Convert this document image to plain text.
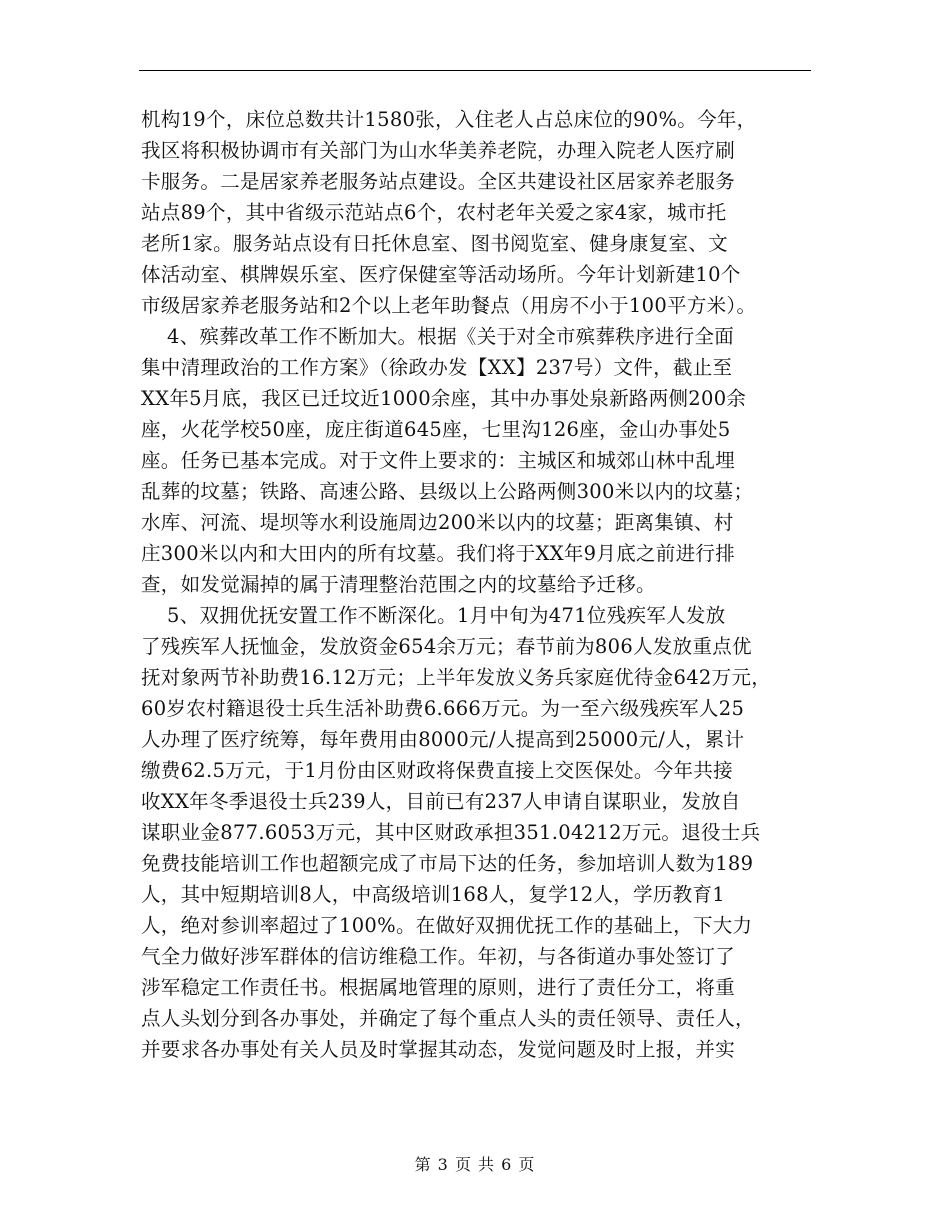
机构19个，床位总数共计1580张，入住老人占总床位的90%。今年，
我区将积极协调市有关部门为山水华美养老院，办理入院老人医疗刷
卡服务。二是居家养老服务站点建设。全区共建设社区居家养老服务
站点89个，其中省级示范站点6个，农村老年关爱之家4家，城市托
老所1家。服务站点设有日托休息室、图书阅览室、健身康复室、文
体活动室、棋牌娱乐室、医疗保健室等活动场所。今年计划新建10个
市级居家养老服务站和2个以上老年助餐点（用房不小于100平方米）。
4、殡葬改革工作不断加大。根据《关于对全市殡葬秩序进行全面
集中清理政治的工作方案》（徐政办发【XX】237号）文件，截止至
XX年5月底，我区已迁坟近1000余座，其中办事处泉新路两侧200余
座，火花学校50座，庞庄街道645座，七里沟126座，金山办事处5
座。任务已基本完成。对于文件上要求的：主城区和城郊山林中乱埋
乱葬的坟墓；铁路、高速公路、县级以上公路两侧300米以内的坟墓；
水库、河流、堤坝等水利设施周边200米以内的坟墓；距离集镇、村
庄300米以内和大田内的所有坟墓。我们将于XX年9月底之前进行排
查，如发觉漏掉的属于清理整治范围之内的坟墓给予迁移。
5、双拥优抚安置工作不断深化。1月中旬为471位残疾军人发放
了残疾军人抚恤金，发放资金654余万元；春节前为806人发放重点优
抚对象两节补助费16.12万元；上半年发放义务兵家庭优待金642万元，
60岁农村籍退役士兵生活补助费6.666万元。为一至六级残疾军人25
人办理了医疗统筹，每年费用由8000元/人提高到25000元/人，累计
缴费62.5万元，于1月份由区财政将保费直接上交医保处。今年共接
收XX年冬季退役士兵239人，目前已有237人申请自谋职业，发放自
谋职业金877.6053万元，其中区财政承担351.04212万元。退役士兵
免费技能培训工作也超额完成了市局下达的任务，参加培训人数为189
人，其中短期培训8人，中高级培训168人，复学12人，学历教育1
人，绝对参训率超过了100%。在做好双拥优抚工作的基础上，下大力
气全力做好涉军群体的信访维稳工作。年初，与各街道办事处签订了
涉军稳定工作责任书。根据属地管理的原则，进行了责任分工，将重
点人头划分到各办事处，并确定了每个重点人头的责任领导、责任人，
并要求各办事处有关人员及时掌握其动态，发觉问题及时上报，并实
第 3 页 共 6 页
